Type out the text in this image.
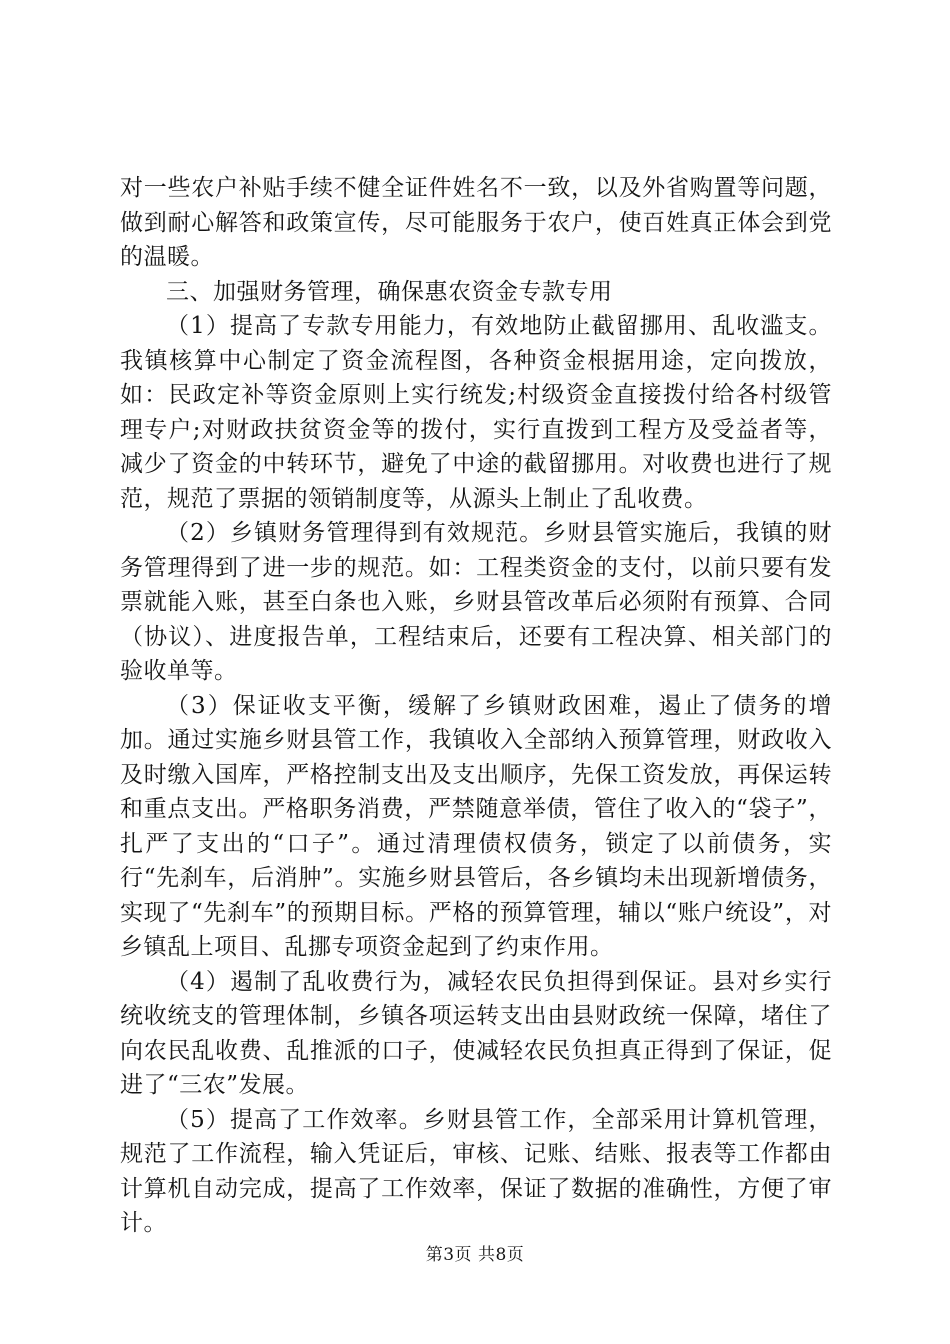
对一些农户补贴手续不健全证件姓名不一致，以及外省购置等问题，做到耐心解答和政策宣传，尽可能服务于农户，使百姓真正体会到党的温暖。

三、加强财务管理，确保惠农资金专款专用

（1）提高了专款专用能力，有效地防止截留挪用、乱收滥支。我镇核算中心制定了资金流程图，各种资金根据用途，定向拨放，如：民政定补等资金原则上实行统发;村级资金直接拨付给各村级管理专户;对财政扶贫资金等的拨付，实行直拨到工程方及受益者等，减少了资金的中转环节，避免了中途的截留挪用。对收费也进行了规范，规范了票据的领销制度等，从源头上制止了乱收费。

（2）乡镇财务管理得到有效规范。乡财县管实施后，我镇的财务管理得到了进一步的规范。如：工程类资金的支付，以前只要有发票就能入账，甚至白条也入账，乡财县管改革后必须附有预算、合同（协议）、进度报告单，工程结束后，还要有工程决算、相关部门的验收单等。

（3）保证收支平衡，缓解了乡镇财政困难，遏止了债务的增加。通过实施乡财县管工作，我镇收入全部纳入预算管理，财政收入及时缴入国库，严格控制支出及支出顺序，先保工资发放，再保运转和重点支出。严格职务消费，严禁随意举债，管住了收入的“袋子”，扎严了支出的“口子”。通过清理债权债务，锁定了以前债务，实行“先刹车，后消肿”。实施乡财县管后，各乡镇均未出现新增债务，实现了“先刹车”的预期目标。严格的预算管理，辅以“账户统设”，对乡镇乱上项目、乱挪专项资金起到了约束作用。

（4）遏制了乱收费行为，减轻农民负担得到保证。县对乡实行统收统支的管理体制，乡镇各项运转支出由县财政统一保障，堵住了向农民乱收费、乱推派的口子，使减轻农民负担真正得到了保证，促进了“三农”发展。

（5）提高了工作效率。乡财县管工作，全部采用计算机管理，规范了工作流程，输入凭证后，审核、记账、结账、报表等工作都由计算机自动完成，提高了工作效率，保证了数据的准确性，方便了审计。

第3页 共8页
